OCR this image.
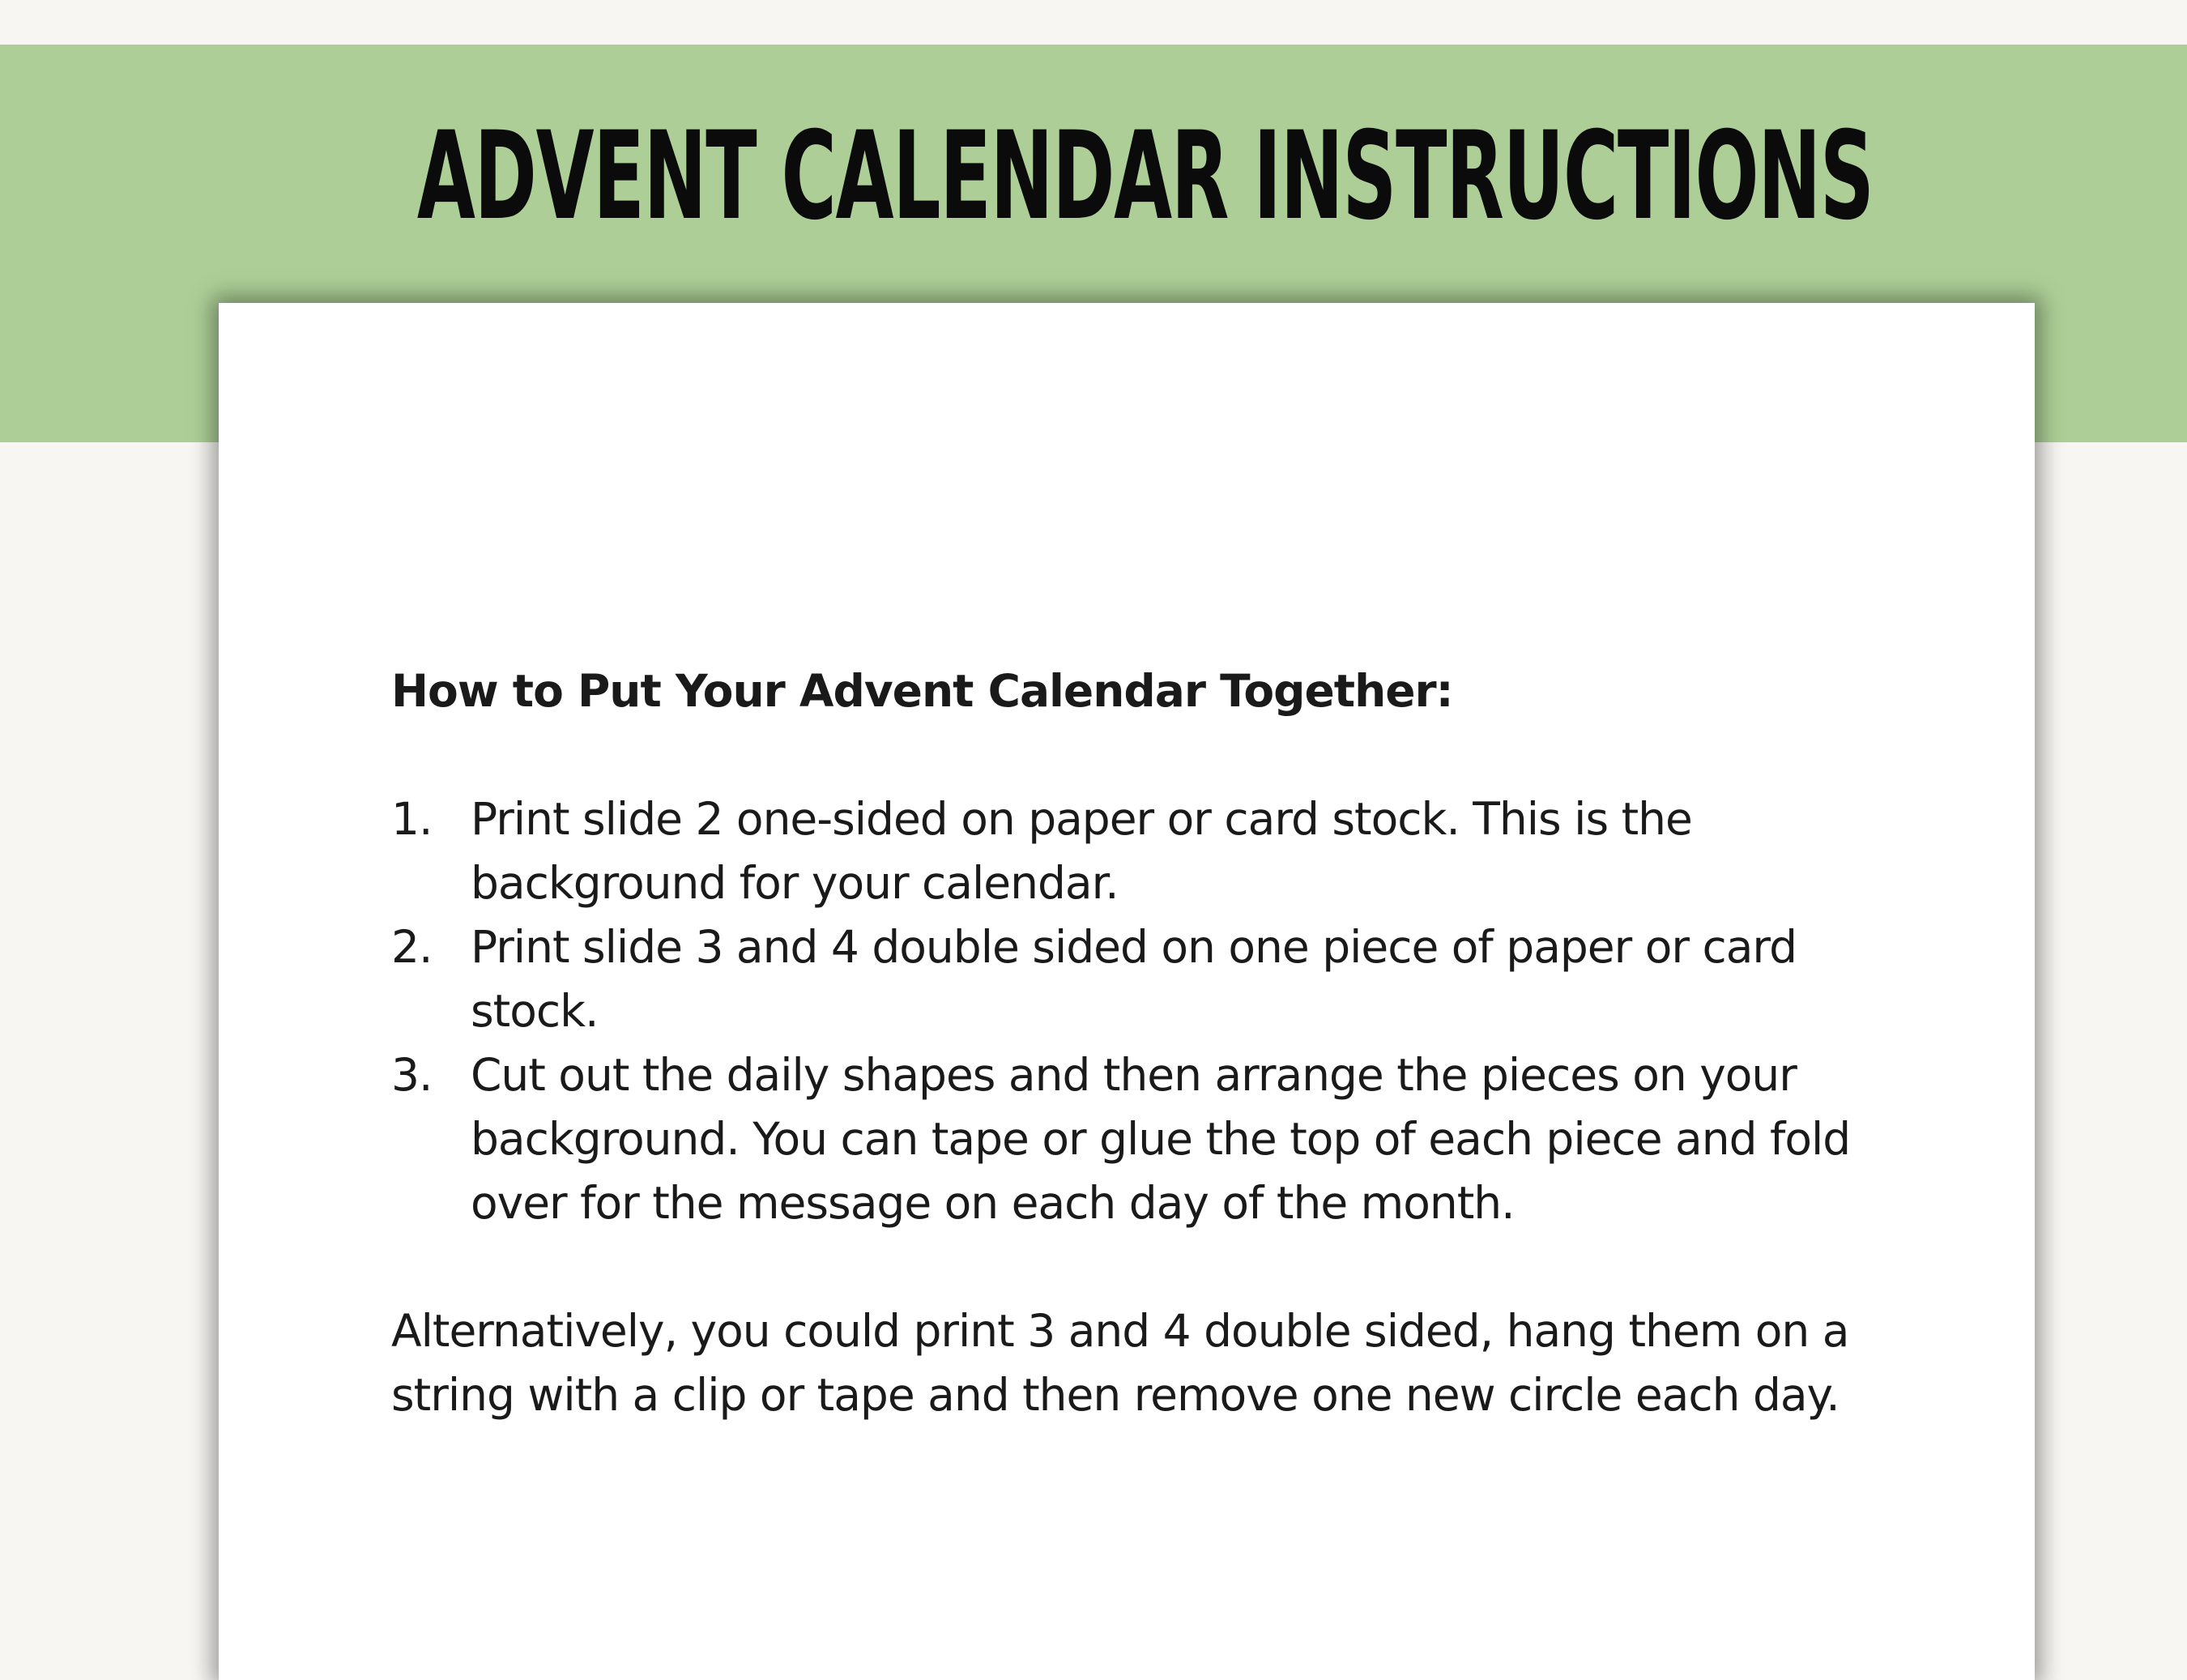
ADVENT CALENDAR INSTRUCTIONS
How to Put Your Advent Calendar Together:
1. Print slide 2 one-sided on paper or card stock. This is the background for your calendar.
2. Print slide 3 and 4 double sided on one piece of paper or card stock.
3. Cut out the daily shapes and then arrange the pieces on your background. You can tape or glue the top of each piece and fold over for the message on each day of the month.

Alternatively, you could print 3 and 4 double sided, hang them on a string with a clip or tape and then remove one new circle each day.
